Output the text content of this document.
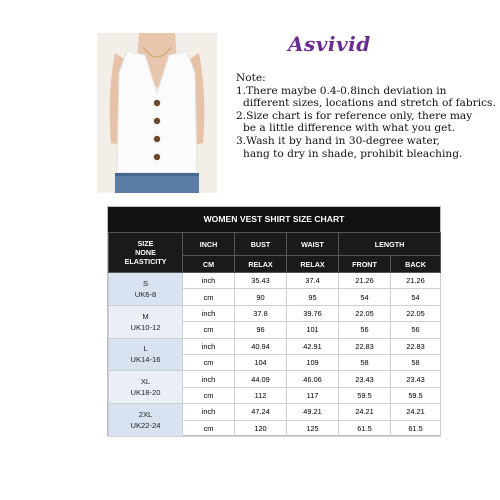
Asvivid
Note:
1.There maybe 0.4-0.8inch deviation in
different sizes, locations and stretch of fabrics.
2.Size chart is for reference only, there may
be a little difference with what you get.
3.Wash it by hand in 30-degree water,
hang to dry in shade, prohibit bleaching.
WOMEN VEST SHIRT SIZE CHART
SIZE
NONE
ELASTICITY	INCH	BUST	WAIST	LENGTH	
	CM	RELAX	RELAX	FRONT	BACK

S
UK6-8	inch	35.43	37.4	21.26	21.26
	cm	90	95	54	54

M
UK10-12	inch	37.8	39.76	22.05	22.05
	cm	96	101	56	56

L
UK14-16	inch	40.94	42.91	22.83	22.83
	cm	104	109	58	58

XL
UK18-20	inch	44.09	46.06	23.43	23.43
	cm	112	117	59.5	59.5

2XL
UK22-24	inch	47.24	49.21	24.21	24.21
	cm	120	125	61.5	61.5
